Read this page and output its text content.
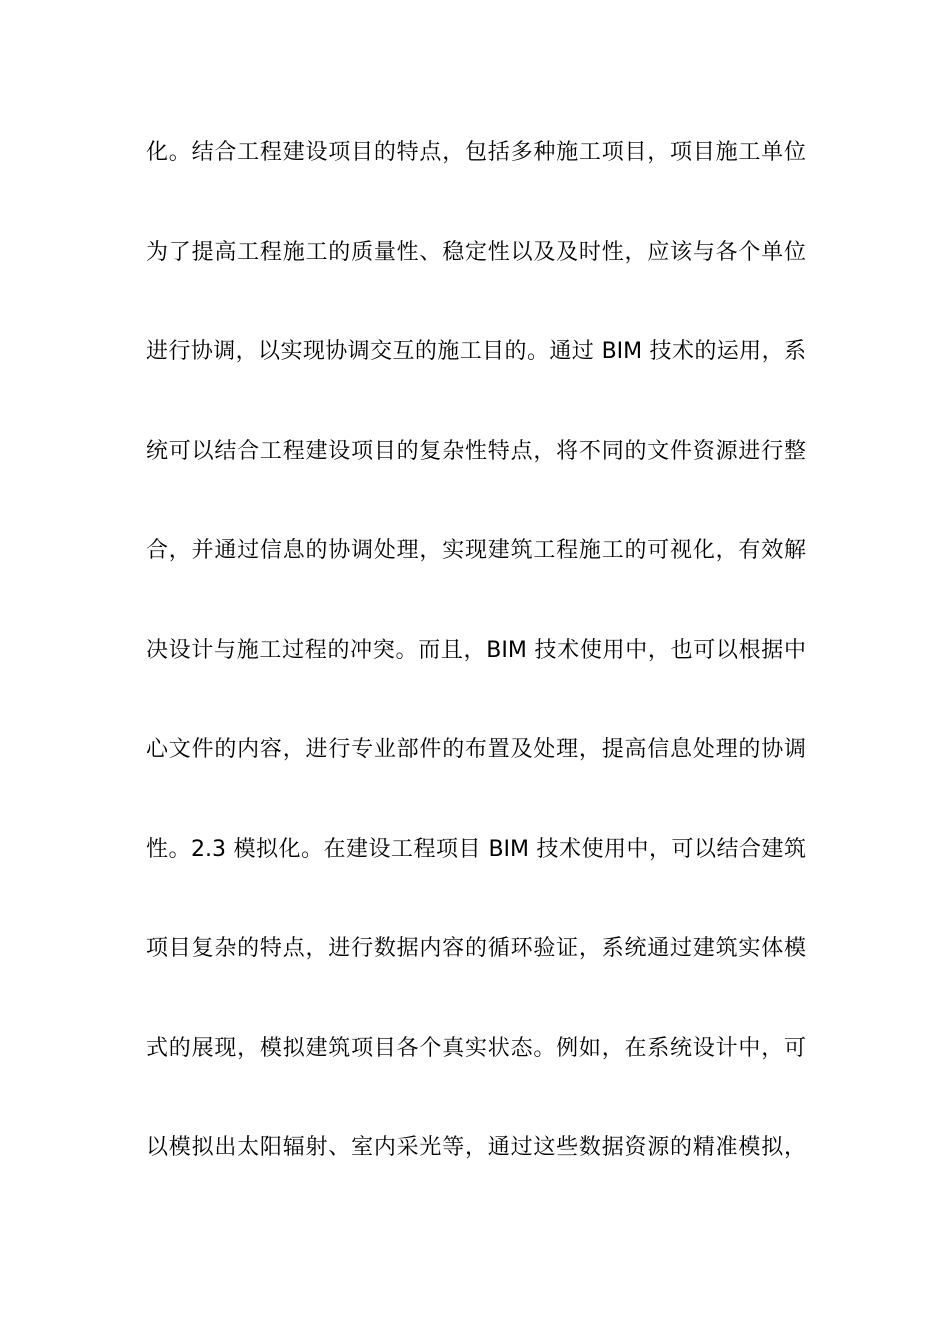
化。结合工程建设项目的特点，包括多种施工项目，项目施工单位
为了提高工程施工的质量性、稳定性以及及时性，应该与各个单位
进行协调，以实现协调交互的施工目的。通过 BIM 技术的运用，系
统可以结合工程建设项目的复杂性特点，将不同的文件资源进行整
合，并通过信息的协调处理，实现建筑工程施工的可视化，有效解
决设计与施工过程的冲突。而且，BIM 技术使用中，也可以根据中
心文件的内容，进行专业部件的布置及处理，提高信息处理的协调
性。2.3 模拟化。在建设工程项目 BIM 技术使用中，可以结合建筑
项目复杂的特点，进行数据内容的循环验证，系统通过建筑实体模
式的展现，模拟建筑项目各个真实状态。例如，在系统设计中，可
以模拟出太阳辐射、室内采光等，通过这些数据资源的精准模拟，
